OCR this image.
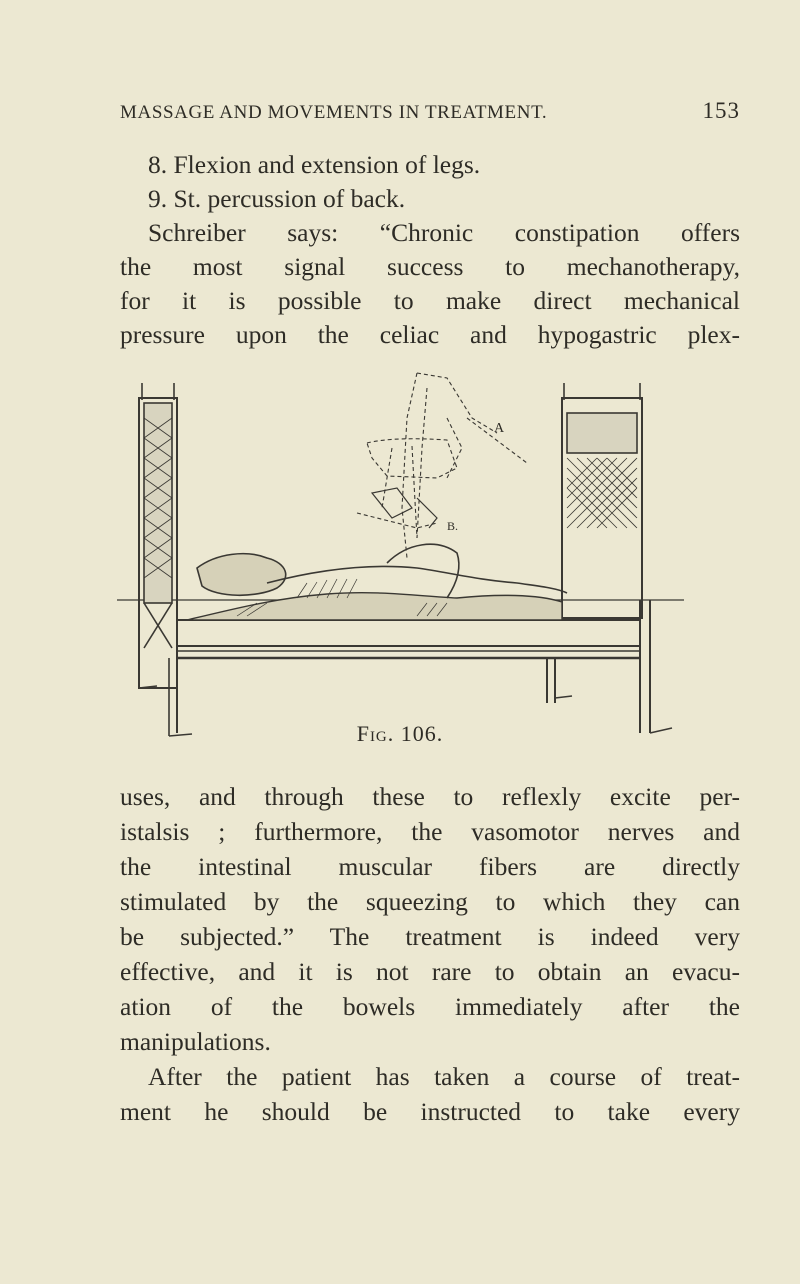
MASSAGE AND MOVEMENTS IN TREATMENT.	153
8. Flexion and extension of legs.
9. St. percussion of back.
Schreiber says: “Chronic constipation offers
the most signal success to mechanotherapy,
for it is possible to make direct mechanical
pressure upon the celiac and hypogastric plex-
A
B.
Fig. 106.
uses, and through these to reflexly excite per-
istalsis ; furthermore, the vasomotor nerves and
the intestinal muscular fibers are directly
stimulated by the squeezing to which they can
be subjected.” The treatment is indeed very
effective, and it is not rare to obtain an evacu-
ation of the bowels immediately after the
manipulations.
After the patient has taken a course of treat-
ment he should be instructed to take every
